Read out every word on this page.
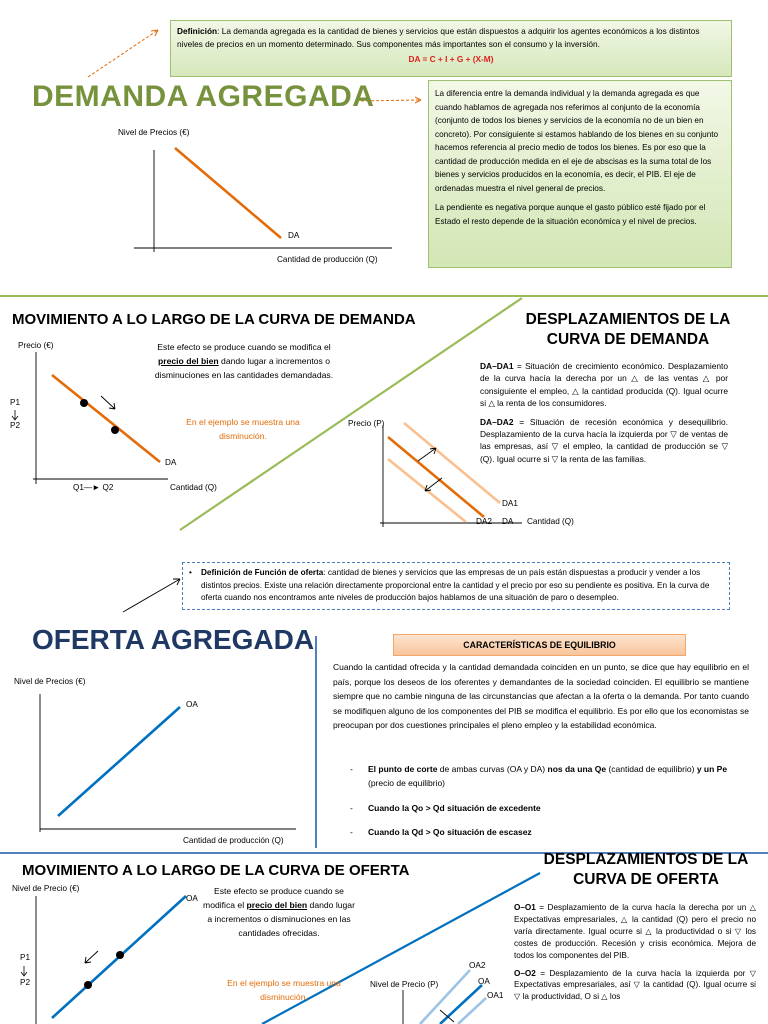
Definición: La demanda agregada es la cantidad de bienes y servicios que están dispuestos a adquirir los agentes económicos a los distintos niveles de precios en un momento determinado. Sus componentes más importantes son el consumo y la inversión.
DA = C + I + G + (X-M)
DEMANDA AGREGADA	La diferencia entre la demanda individual y la demanda agregada es que cuando hablamos de agregada nos referimos al conjunto de la economía (conjunto de todos los bienes y servicios de la economía no de un bien en concreto). Por consiguiente si estamos hablando de los bienes en su conjunto hacemos referencia al precio medio de todos los bienes. Es por eso que la cantidad de producción medida en el eje de abscisas es la suma total de los bienes y servicios producidos en la economía, es decir, el PIB. El eje de ordenadas muestra el nivel general de precios.

La pendiente es negativa porque aunque el gasto público esté fijado por el Estado el resto depende de la situación económica y el nivel de precios.

Nivel de Precios (€)
DA
Cantidad de producción (Q)
MOVIMIENTO A LO LARGO DE LA CURVA DE DEMANDA
Precio (€)
P1
P2
DA
Q1—► Q2	Cantidad (Q)
Este efecto se produce cuando se modifica el precio del bien dando lugar a incrementos o disminuciones en las cantidades demandadas.
En el ejemplo se muestra una disminución.
DESPLAZAMIENTOS DE LA CURVA DE DEMANDA

DA–DA1 = Situación de crecimiento económico. Desplazamiento de la curva hacía la derecha por un △ de las ventas △ por consiguiente el empleo, △ la cantidad producida (Q). Igual ocurre si △ la renta de los consumidores.

DA–DA2 = Situación de recesión económica y desequilibrio. Desplazamiento de la curva hacía la izquierda por ▽ de ventas de las empresas, así ▽ el empleo, la cantidad de producción se ▽ (Q). Igual ocurre si ▽ la renta de las familias.

Precio (P)
DA1
DA2 DA Cantidad (Q)
• Definición de Función de oferta: cantidad de bienes y servicios que las empresas de un país están dispuestas a producir y vender a los distintos precios. Existe una relación directamente proporcional entre la cantidad y el precio por eso su pendiente es positiva. En la curva de oferta cuando nos encontramos ante niveles de producción bajos hablamos de una situación de paro o desempleo.
OFERTA AGREGADA
Nivel de Precios (€)
OA
Cantidad de producción (Q)
CARACTERÍSTICAS DE EQUILIBRIO
Cuando la cantidad ofrecida y la cantidad demandada coinciden en un punto, se dice que hay equilibrio en el país, porque los deseos de los oferentes y demandantes de la sociedad coinciden. El equilibrio se mantiene siempre que no cambie ninguna de las circunstancias que afectan a la oferta o la demanda. Por tanto cuando se modifiquen alguno de los componentes del PIB se modifica el equilibrio. Es por ello que los economistas se preocupan por dos cuestiones principales el pleno empleo y la estabilidad económica.
- El punto de corte de ambas curvas (OA y DA) nos da una Qe (cantidad de equilibrio) y un Pe (precio de equilibrio)
- Cuando la Qo > Qd situación de excedente
- Cuando la Qd > Qo situación de escasez
MOVIMIENTO A LO LARGO DE LA CURVA DE OFERTA
Nivel de Precio (€)
OA
P1
P2
Este efecto se produce cuando se modifica el precio del bien dando lugar a incrementos o disminuciones en las cantidades ofrecidas.
En el ejemplo se muestra una disminución.
DESPLAZAMIENTOS DE LA CURVA DE OFERTA

O–O1 = Desplazamiento de la curva hacía la derecha por un △ Expectativas empresariales, △ la cantidad (Q) pero el precio no varía directamente. Igual ocurre si △ la productividad o si ▽ los costes de producción. Recesión y crisis económica. Mejora de todos los componentes del PIB.

O–O2 = Desplazamiento de la curva hacía la izquierda por ▽ Expectativas empresariales, así ▽ la cantidad (Q). Igual ocurre si ▽ la productividad, O si △ los

Nivel de Precio (P)
OA2
OA
OA1
